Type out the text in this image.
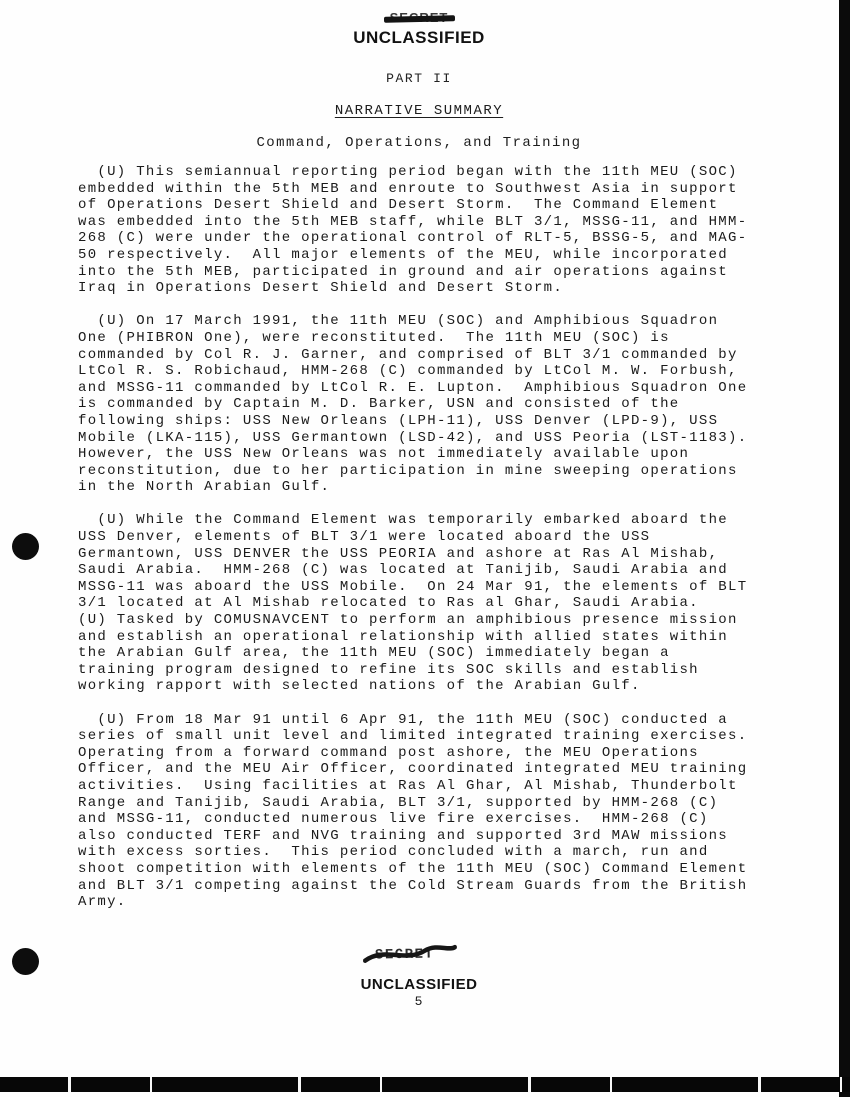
UNCLASSIFIED
PART II
NARRATIVE SUMMARY
Command, Operations, and Training
(U) This semiannual reporting period began with the 11th MEU (SOC)
embedded within the 5th MEB and enroute to Southwest Asia in support
of Operations Desert Shield and Desert Storm.  The Command Element
was embedded into the 5th MEB staff, while BLT 3/1, MSSG-11, and HMM-
268 (C) were under the operational control of RLT-5, BSSG-5, and MAG-
50 respectively.  All major elements of the MEU, while incorporated
into the 5th MEB, participated in ground and air operations against
Iraq in Operations Desert Shield and Desert Storm.
(U) On 17 March 1991, the 11th MEU (SOC) and Amphibious Squadron
One (PHIBRON One), were reconstituted.  The 11th MEU (SOC) is
commanded by Col R. J. Garner, and comprised of BLT 3/1 commanded by
LtCol R. S. Robichaud, HMM-268 (C) commanded by LtCol M. W. Forbush,
and MSSG-11 commanded by LtCol R. E. Lupton.  Amphibious Squadron One
is commanded by Captain M. D. Barker, USN and consisted of the
following ships: USS New Orleans (LPH-11), USS Denver (LPD-9), USS
Mobile (LKA-115), USS Germantown (LSD-42), and USS Peoria (LST-1183).
However, the USS New Orleans was not immediately available upon
reconstitution, due to her participation in mine sweeping operations
in the North Arabian Gulf.
(U) While the Command Element was temporarily embarked aboard the
USS Denver, elements of BLT 3/1 were located aboard the USS
Germantown, USS DENVER the USS PEORIA and ashore at Ras Al Mishab,
Saudi Arabia.  HMM-268 (C) was located at Tanijib, Saudi Arabia and
MSSG-11 was aboard the USS Mobile.  On 24 Mar 91, the elements of BLT
3/1 located at Al Mishab relocated to Ras al Ghar, Saudi Arabia.
(U) Tasked by COMUSNAVCENT to perform an amphibious presence mission
and establish an operational relationship with allied states within
the Arabian Gulf area, the 11th MEU (SOC) immediately began a
training program designed to refine its SOC skills and establish
working rapport with selected nations of the Arabian Gulf.
(U) From 18 Mar 91 until 6 Apr 91, the 11th MEU (SOC) conducted a
series of small unit level and limited integrated training exercises.
Operating from a forward command post ashore, the MEU Operations
Officer, and the MEU Air Officer, coordinated integrated MEU training
activities.  Using facilities at Ras Al Ghar, Al Mishab, Thunderbolt
Range and Tanijib, Saudi Arabia, BLT 3/1, supported by HMM-268 (C)
and MSSG-11, conducted numerous live fire exercises.  HMM-268 (C)
also conducted TERF and NVG training and supported 3rd MAW missions
with excess sorties.  This period concluded with a march, run and
shoot competition with elements of the 11th MEU (SOC) Command Element
and BLT 3/1 competing against the Cold Stream Guards from the British
Army.
SECRET
UNCLASSIFIED
5
